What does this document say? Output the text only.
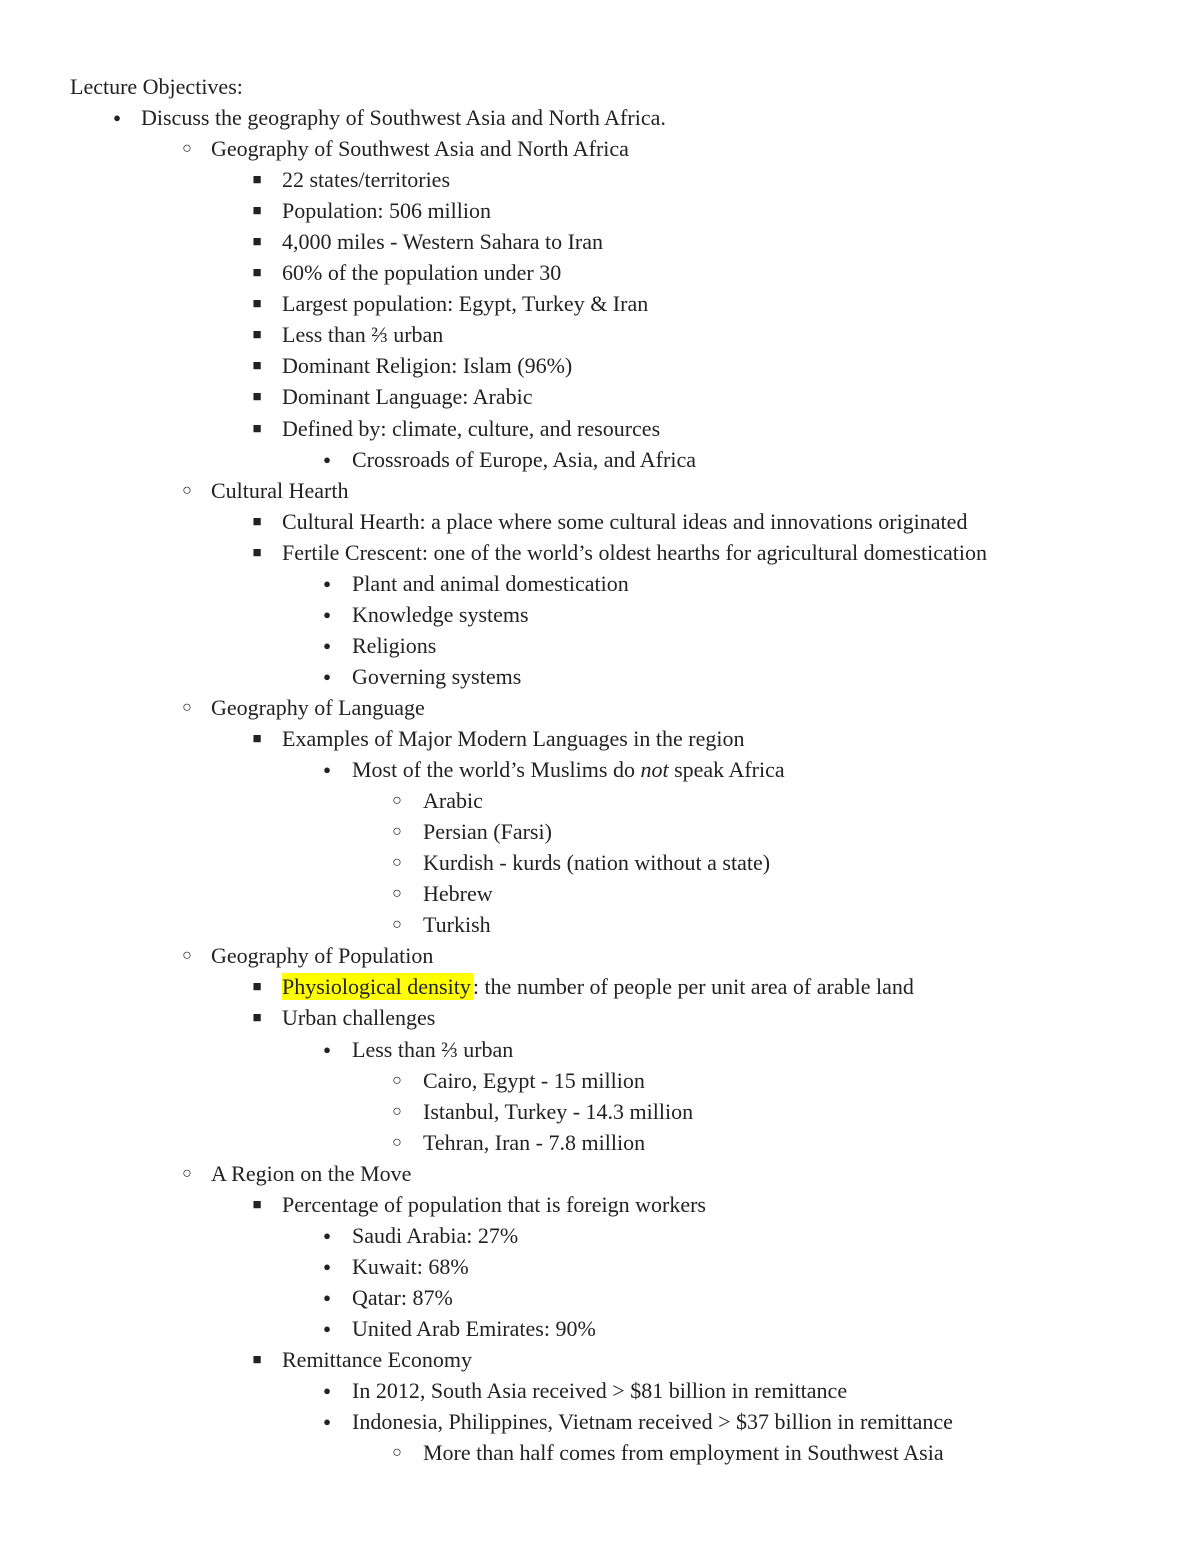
Lecture Objectives:
●
Discuss the geography of Southwest Asia and North Africa.
○
Geography of Southwest Asia and North Africa
■
22 states/territories
■
Population: 506 million
■
4,000 miles - Western Sahara to Iran
■
60% of the population under 30
■
Largest population: Egypt, Turkey & Iran
■
Less than ⅔ urban
■
Dominant Religion: Islam (96%)
■
Dominant Language: Arabic
■
Defined by: climate, culture, and resources
●
Crossroads of Europe, Asia, and Africa
○
Cultural Hearth
■
Cultural Hearth: a place where some cultural ideas and innovations originated
■
Fertile Crescent: one of the world’s oldest hearths for agricultural domestication
●
Plant and animal domestication
●
Knowledge systems
●
Religions
●
Governing systems
○
Geography of Language
■
Examples of Major Modern Languages in the region
●
Most of the world’s Muslims do not speak Africa
○
Arabic
○
Persian (Farsi)
○
Kurdish - kurds (nation without a state)
○
Hebrew
○
Turkish
○
Geography of Population
■
Physiological density: the number of people per unit area of arable land
■
Urban challenges
●
Less than ⅔ urban
○
Cairo, Egypt - 15 million
○
Istanbul, Turkey - 14.3 million
○
Tehran, Iran - 7.8 million
○
A Region on the Move
■
Percentage of population that is foreign workers
●
Saudi Arabia: 27%
●
Kuwait: 68%
●
Qatar: 87%
●
United Arab Emirates: 90%
■
Remittance Economy
●
In 2012, South Asia received > $81 billion in remittance
●
Indonesia, Philippines, Vietnam received > $37 billion in remittance
○
More than half comes from employment in Southwest Asia
